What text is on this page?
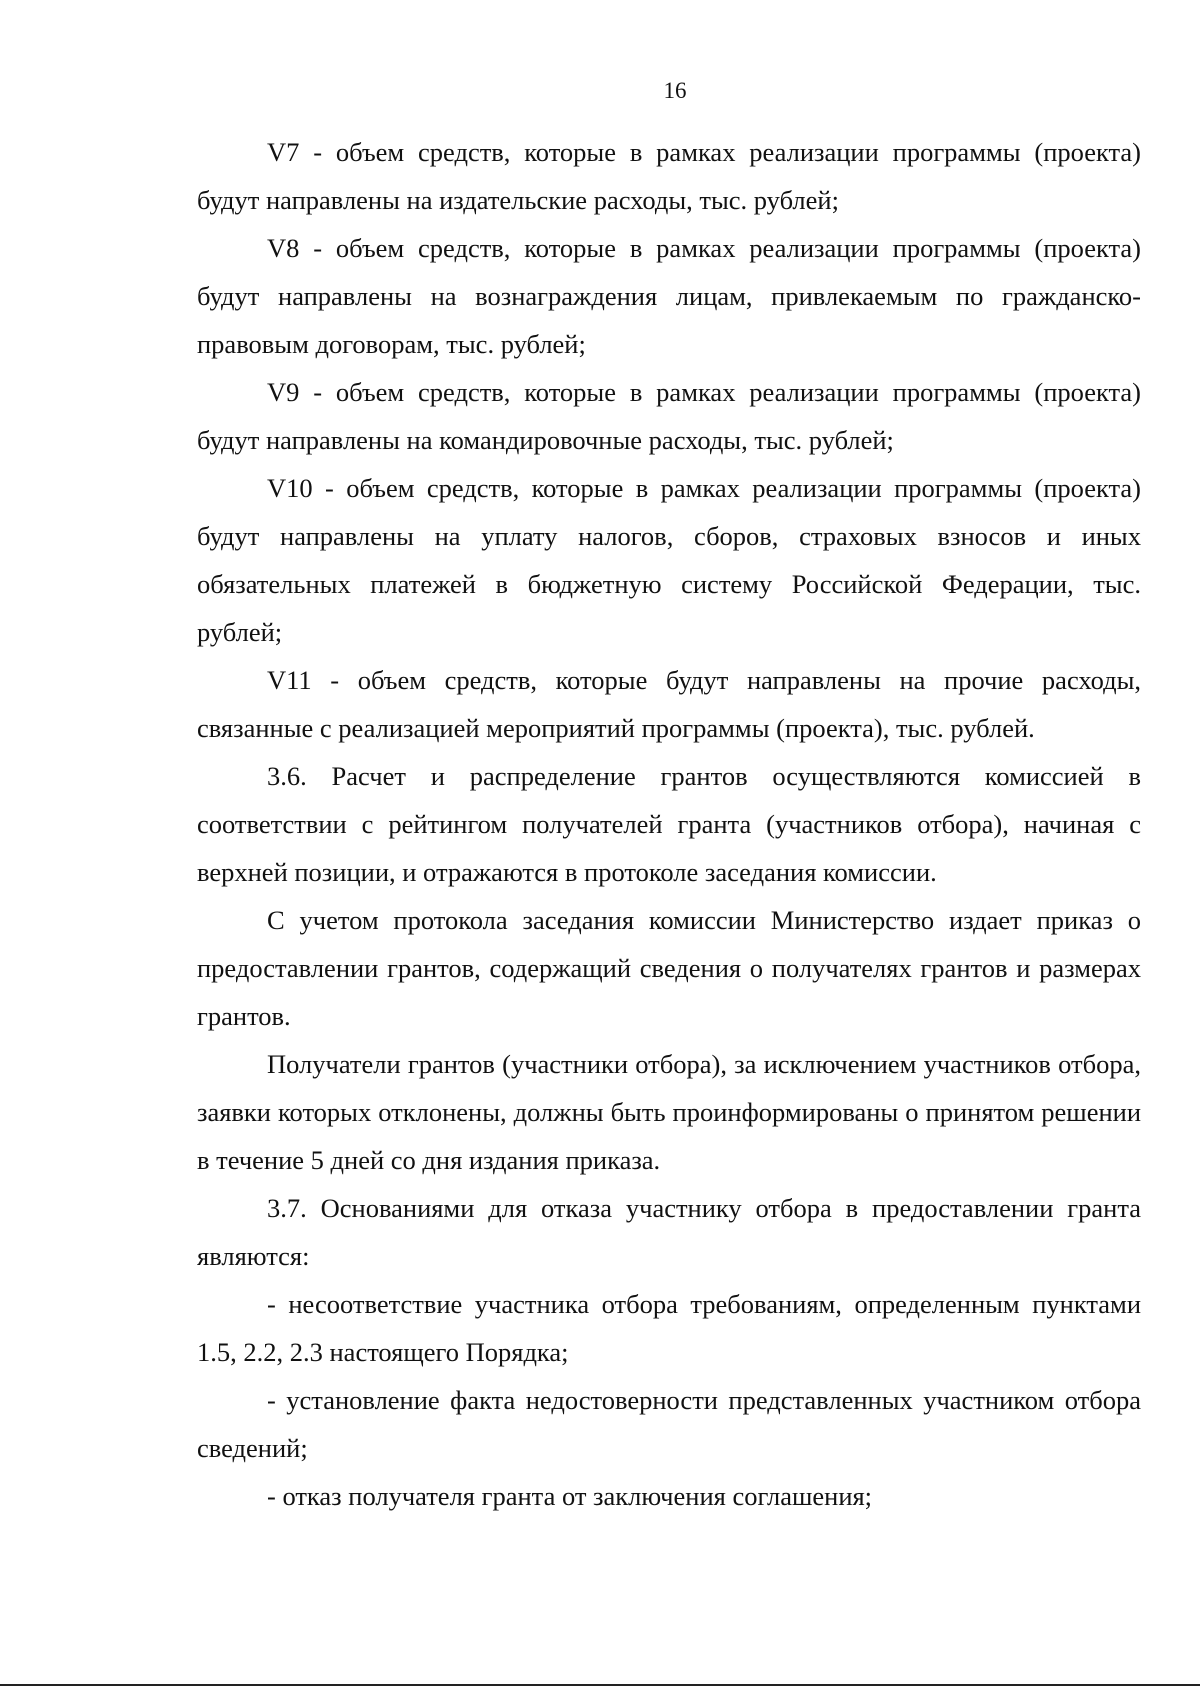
16

V7 - объем средств, которые в рамках реализации программы (проекта) будут направлены на издательские расходы, тыс. рублей;

V8 - объем средств, которые в рамках реализации программы (проекта) будут направлены на вознаграждения лицам, привлекаемым по гражданско-правовым договорам, тыс. рублей;

V9 - объем средств, которые в рамках реализации программы (проекта) будут направлены на командировочные расходы, тыс. рублей;

V10 - объем средств, которые в рамках реализации программы (проекта) будут направлены на уплату налогов, сборов, страховых взносов и иных обязательных платежей в бюджетную систему Российской Федерации, тыс. рублей;

V11 - объем средств, которые будут направлены на прочие расходы, связанные с реализацией мероприятий программы (проекта), тыс. рублей.

3.6. Расчет и распределение грантов осуществляются комиссией в соответствии с рейтингом получателей гранта (участников отбора), начиная с верхней позиции, и отражаются в протоколе заседания комиссии.

С учетом протокола заседания комиссии Министерство издает приказ о предоставлении грантов, содержащий сведения о получателях грантов и размерах грантов.

Получатели грантов (участники отбора), за исключением участников отбора, заявки которых отклонены, должны быть проинформированы о принятом решении в течение 5 дней со дня издания приказа.

3.7. Основаниями для отказа участнику отбора в предоставлении гранта являются:

- несоответствие участника отбора требованиям, определенным пунктами 1.5, 2.2, 2.3 настоящего Порядка;

- установление факта недостоверности представленных участником отбора сведений;

- отказ получателя гранта от заключения соглашения;
